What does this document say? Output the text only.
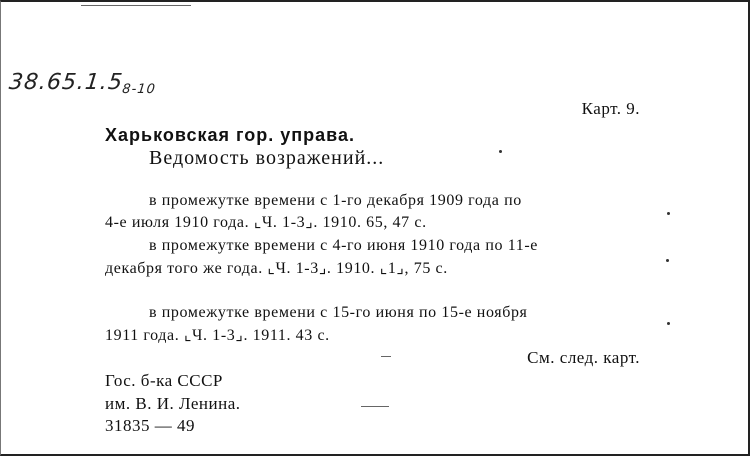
38.65.1.58-10
Карт. 9.
Харьковская гор. управа.
Ведомость возражений...
в промежутке времени с 1-го декабря 1909 года по
4-е июля 1910 года. ⌞Ч. 1-3⌟. 1910. 65, 47 с.
в промежутке времени с 4-го июня 1910 года по 11-е
декабря того же года. ⌞Ч. 1-3⌟. 1910. ⌞1⌟, 75 с.
в промежутке времени с 15-го июня по 15-е ноября
1911 года. ⌞Ч. 1-3⌟. 1911. 43 с.
См. след. карт.
Гос. б-ка СССР
им. В. И. Ленина.
31835 — 49
